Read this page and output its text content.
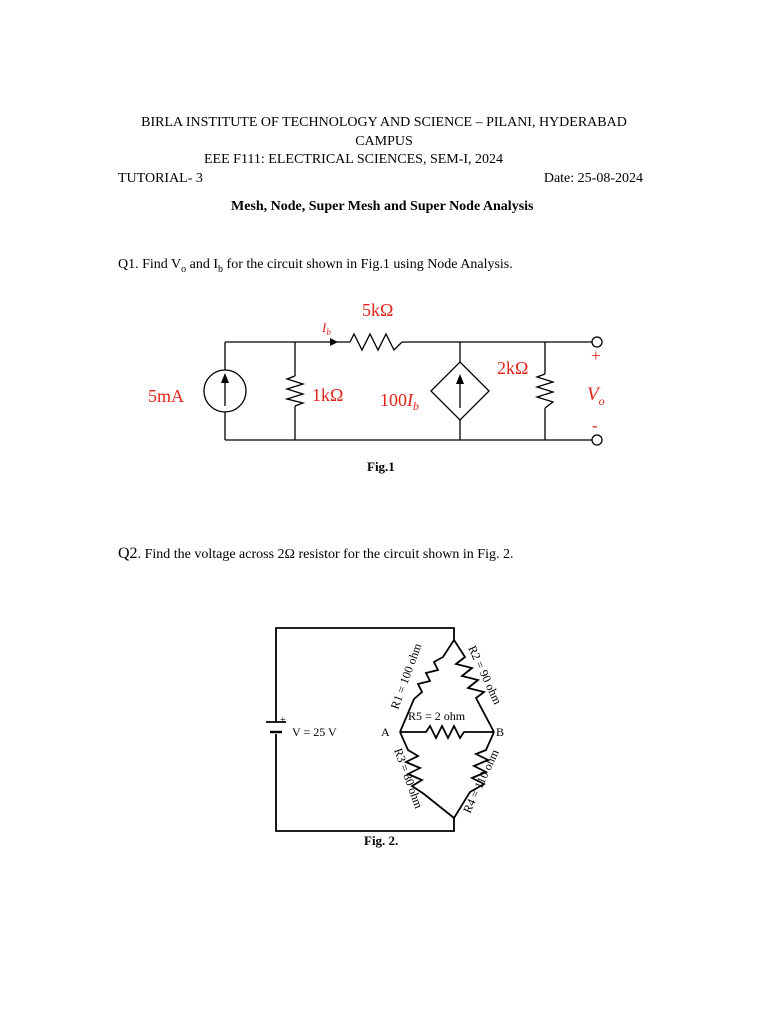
BIRLA INSTITUTE OF TECHNOLOGY AND SCIENCE – PILANI, HYDERABAD
CAMPUS
EEE F111: ELECTRICAL SCIENCES, SEM-I, 2024
TUTORIAL- 3	Date: 25-08-2024
Mesh, Node, Super Mesh and Super Node Analysis
Q1. Find $V_o$ and $I_b$ for the circuit shown in Fig.1 using Node Analysis.
5kΩ
$I_b$
5mA	1kΩ $100I_b$
2kΩ
+
-
$V_o$
Fig.1
Q2. Find the voltage across 2Ω resistor for the circuit shown in Fig. 2.
+
V = 25 V	A	B
R5 = 2 ohm
R1 = 100 ohm	R2 = 90 ohm
R3 = 80 ohm	R4 = 110 ohm
Fig. 2.
